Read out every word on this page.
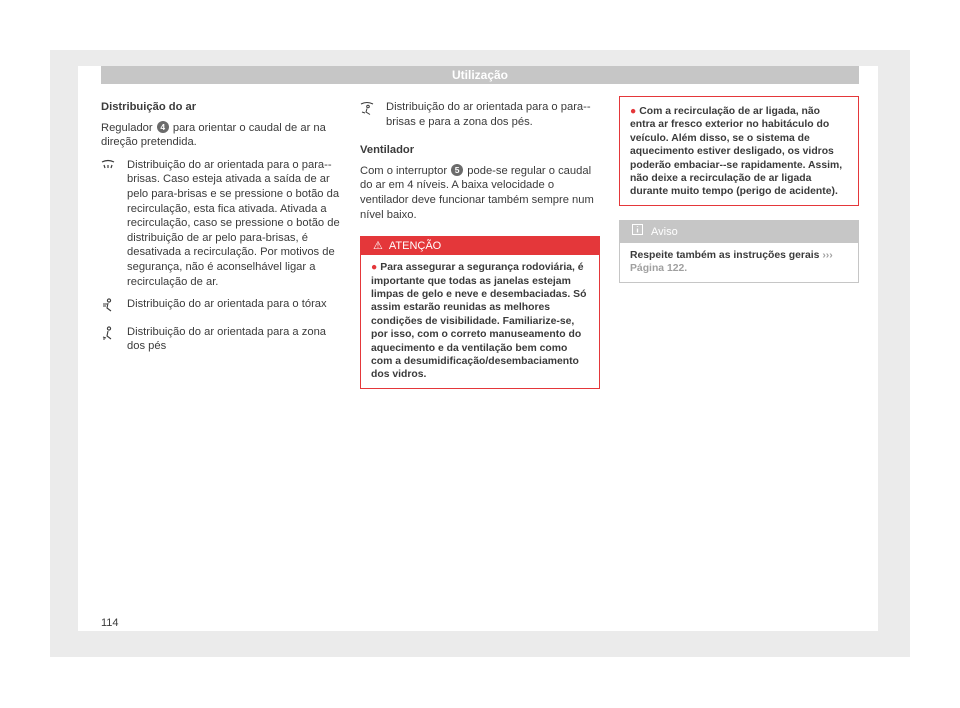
Utilização

Distribuição do ar

Regulador 4 para orientar o caudal de ar na direção pretendida.

Distribuição do ar orientada para o para--brisas. Caso esteja ativada a saída de ar pelo para-brisas e se pressione o botão da recirculação, esta fica ativada. Ativada a recirculação, caso se pressione o botão de distribuição de ar pelo para-brisas, é desativada a recirculação. Por motivos de segurança, não é aconselhável ligar a recirculação de ar.
Distribuição do ar orientada para o tórax
Distribuição do ar orientada para a zona dos pés
Distribuição do ar orientada para o para--brisas e para a zona dos pés.

Ventilador

Com o interruptor 5 pode-se regular o caudal do ar em 4 níveis. A baixa velocidade o ventilador deve funcionar também sempre num nível baixo.

⚠ ATENÇÃO
● Para assegurar a segurança rodoviária, é importante que todas as janelas estejam limpas de gelo e neve e desembaciadas. Só assim estarão reunidas as melhores condições de visibilidade. Familiarize-se, por isso, com o correto manuseamento do aquecimento e da ventilação bem como com a desumidificação/desembaciamento dos vidros.
● Com a recirculação de ar ligada, não entra ar fresco exterior no habitáculo do veículo. Além disso, se o sistema de aquecimento estiver desligado, os vidros poderão embaciar--se rapidamente. Assim, não deixe a recirculação de ar ligada durante muito tempo (perigo de acidente).
Aviso
Respeite também as instruções gerais ››› Página 122.
114
